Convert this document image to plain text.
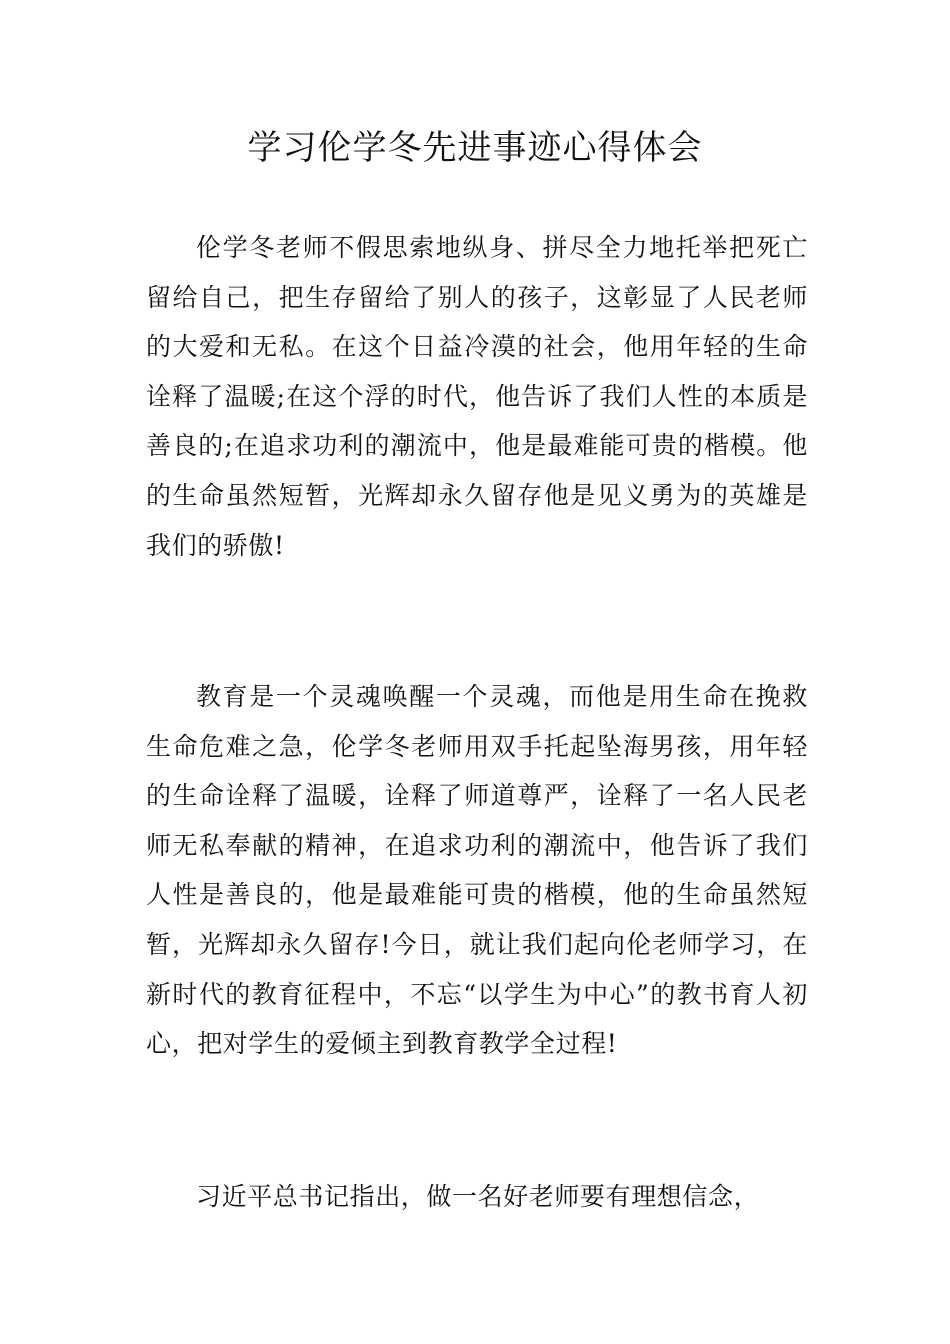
学习伦学冬先进事迹心得体会

伦学冬老师不假思索地纵身、拼尽全力地托举把死亡留给自己，把生存留给了别人的孩子，这彰显了人民老师的大爱和无私。在这个日益冷漠的社会，他用年轻的生命诠释了温暖;在这个浮的时代，他告诉了我们人性的本质是善良的;在追求功利的潮流中，他是最难能可贵的楷模。他的生命虽然短暂，光辉却永久留存他是见义勇为的英雄是我们的骄傲!

教育是一个灵魂唤醒一个灵魂，而他是用生命在挽救生命危难之急，伦学冬老师用双手托起坠海男孩，用年轻的生命诠释了温暖，诠释了师道尊严，诠释了一名人民老师无私奉献的精神，在追求功利的潮流中，他告诉了我们人性是善良的，他是最难能可贵的楷模，他的生命虽然短暂，光辉却永久留存!今日，就让我们起向伦老师学习，在新时代的教育征程中，不忘“以学生为中心”的教书育人初心，把对学生的爱倾主到教育教学全过程!

习近平总书记指出，做一名好老师要有理想信念，
